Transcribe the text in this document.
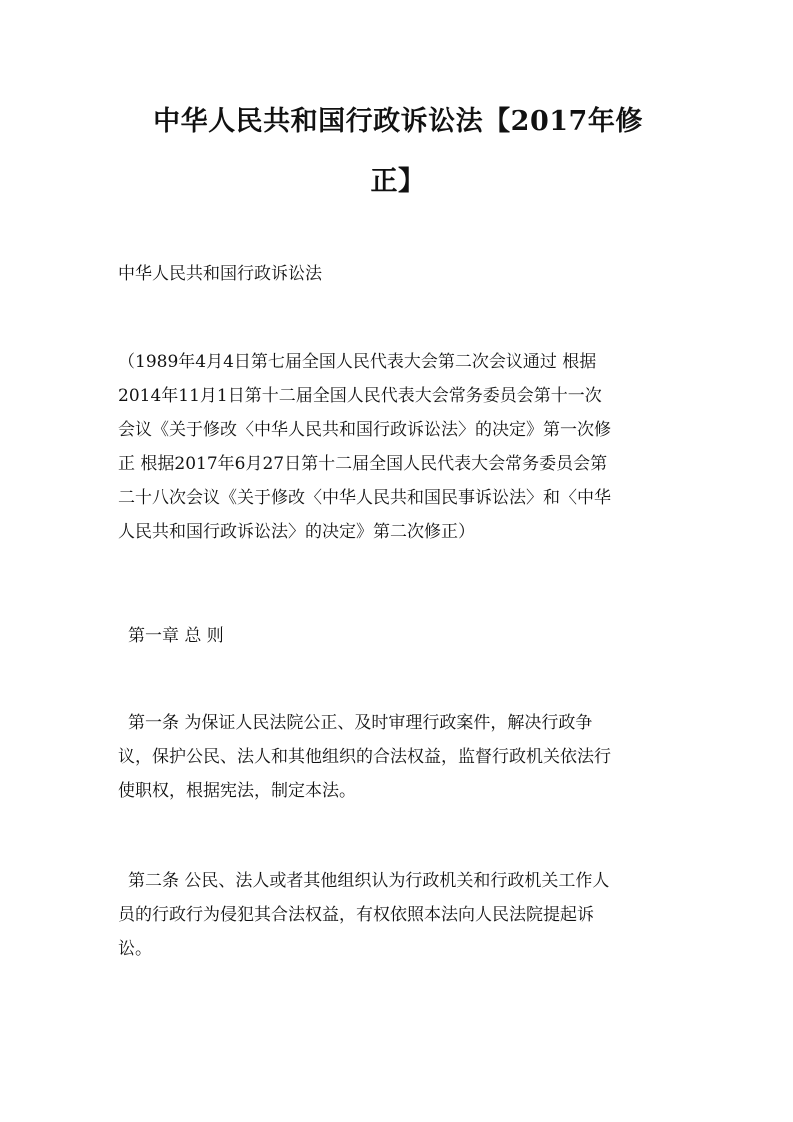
中华人民共和国行政诉讼法【2017年修
正】

中华人民共和国行政诉讼法

（1989年4月4日第七届全国人民代表大会第二次会议通过 根据
2014年11月1日第十二届全国人民代表大会常务委员会第十一次
会议《关于修改〈中华人民共和国行政诉讼法〉的决定》第一次修
正 根据2017年6月27日第十二届全国人民代表大会常务委员会第
二十八次会议《关于修改〈中华人民共和国民事诉讼法〉和〈中华
人民共和国行政诉讼法〉的决定》第二次修正）

第一章 总 则

第一条 为保证人民法院公正、及时审理行政案件，解决行政争
议，保护公民、法人和其他组织的合法权益，监督行政机关依法行
使职权，根据宪法，制定本法。

第二条 公民、法人或者其他组织认为行政机关和行政机关工作人
员的行政行为侵犯其合法权益，有权依照本法向人民法院提起诉
讼。
